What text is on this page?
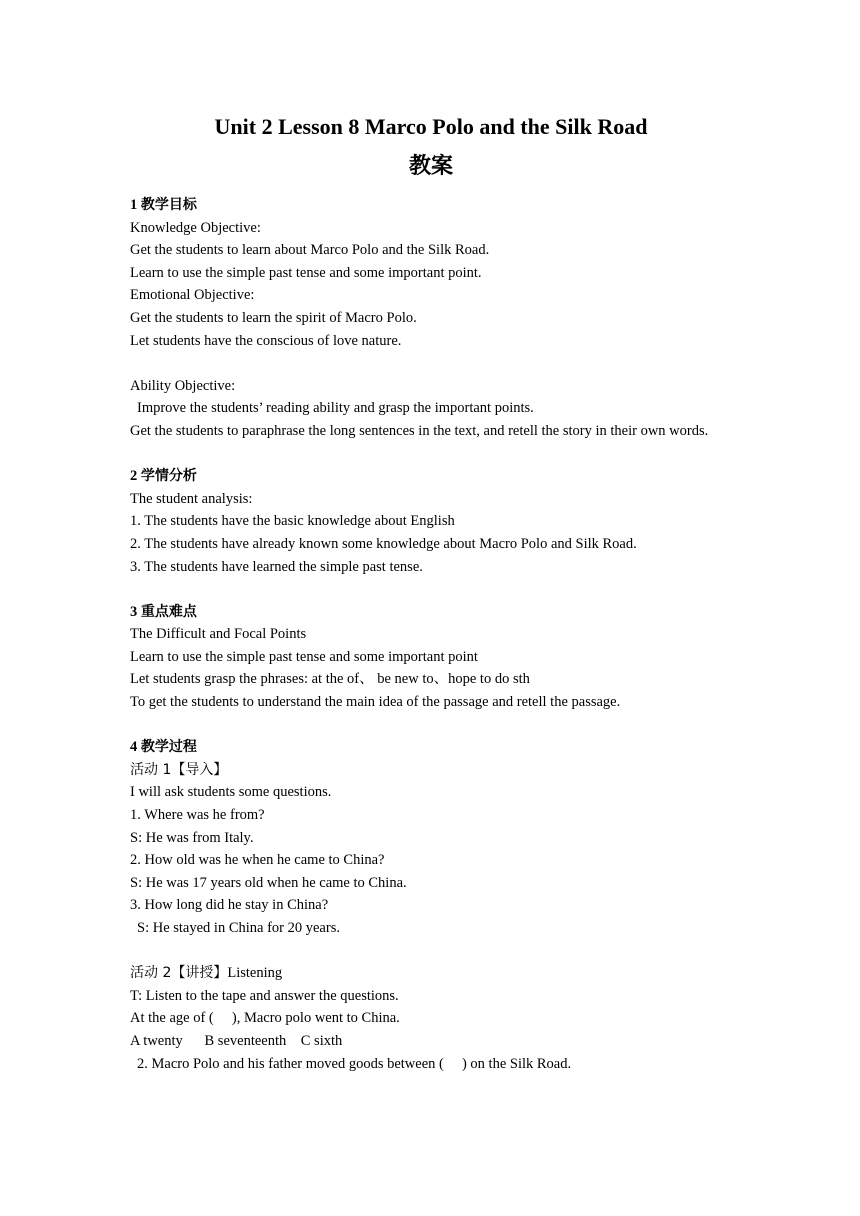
Unit 2 Lesson 8 Marco Polo and the Silk Road
教案
1 教学目标
Knowledge Objective:
Get the students to learn about Marco Polo and the Silk Road.
Learn to use the simple past tense and some important point.
Emotional Objective:
Get the students to learn the spirit of Macro Polo.
Let students have the conscious of love nature.
Ability Objective:
Improve the students’ reading ability and grasp the important points.
Get the students to paraphrase the long sentences in the text, and retell the story in their own words.
2 学情分析
The student analysis:
1. The students have the basic knowledge about English
2. The students have already known some knowledge about Macro Polo and Silk Road.
3. The students have learned the simple past tense.
3 重点难点
The Difficult and Focal Points
Learn to use the simple past tense and some important point
Let students grasp the phrases: at the of、 be new to、hope to do sth
To get the students to understand the main idea of the passage and retell the passage.
4 教学过程
活动 1【导入】
I will ask students some questions.
1. Where was he from?
S: He was from Italy.
2. How old was he when he came to China?
S: He was 17 years old when he came to China.
3. How long did he stay in China?
S: He stayed in China for 20 years.
活动 2【讲授】Listening
T: Listen to the tape and answer the questions.
At the age of (     ), Macro polo went to China.
A twenty      B seventeenth    C sixth
2. Macro Polo and his father moved goods between (     ) on the Silk Road.
